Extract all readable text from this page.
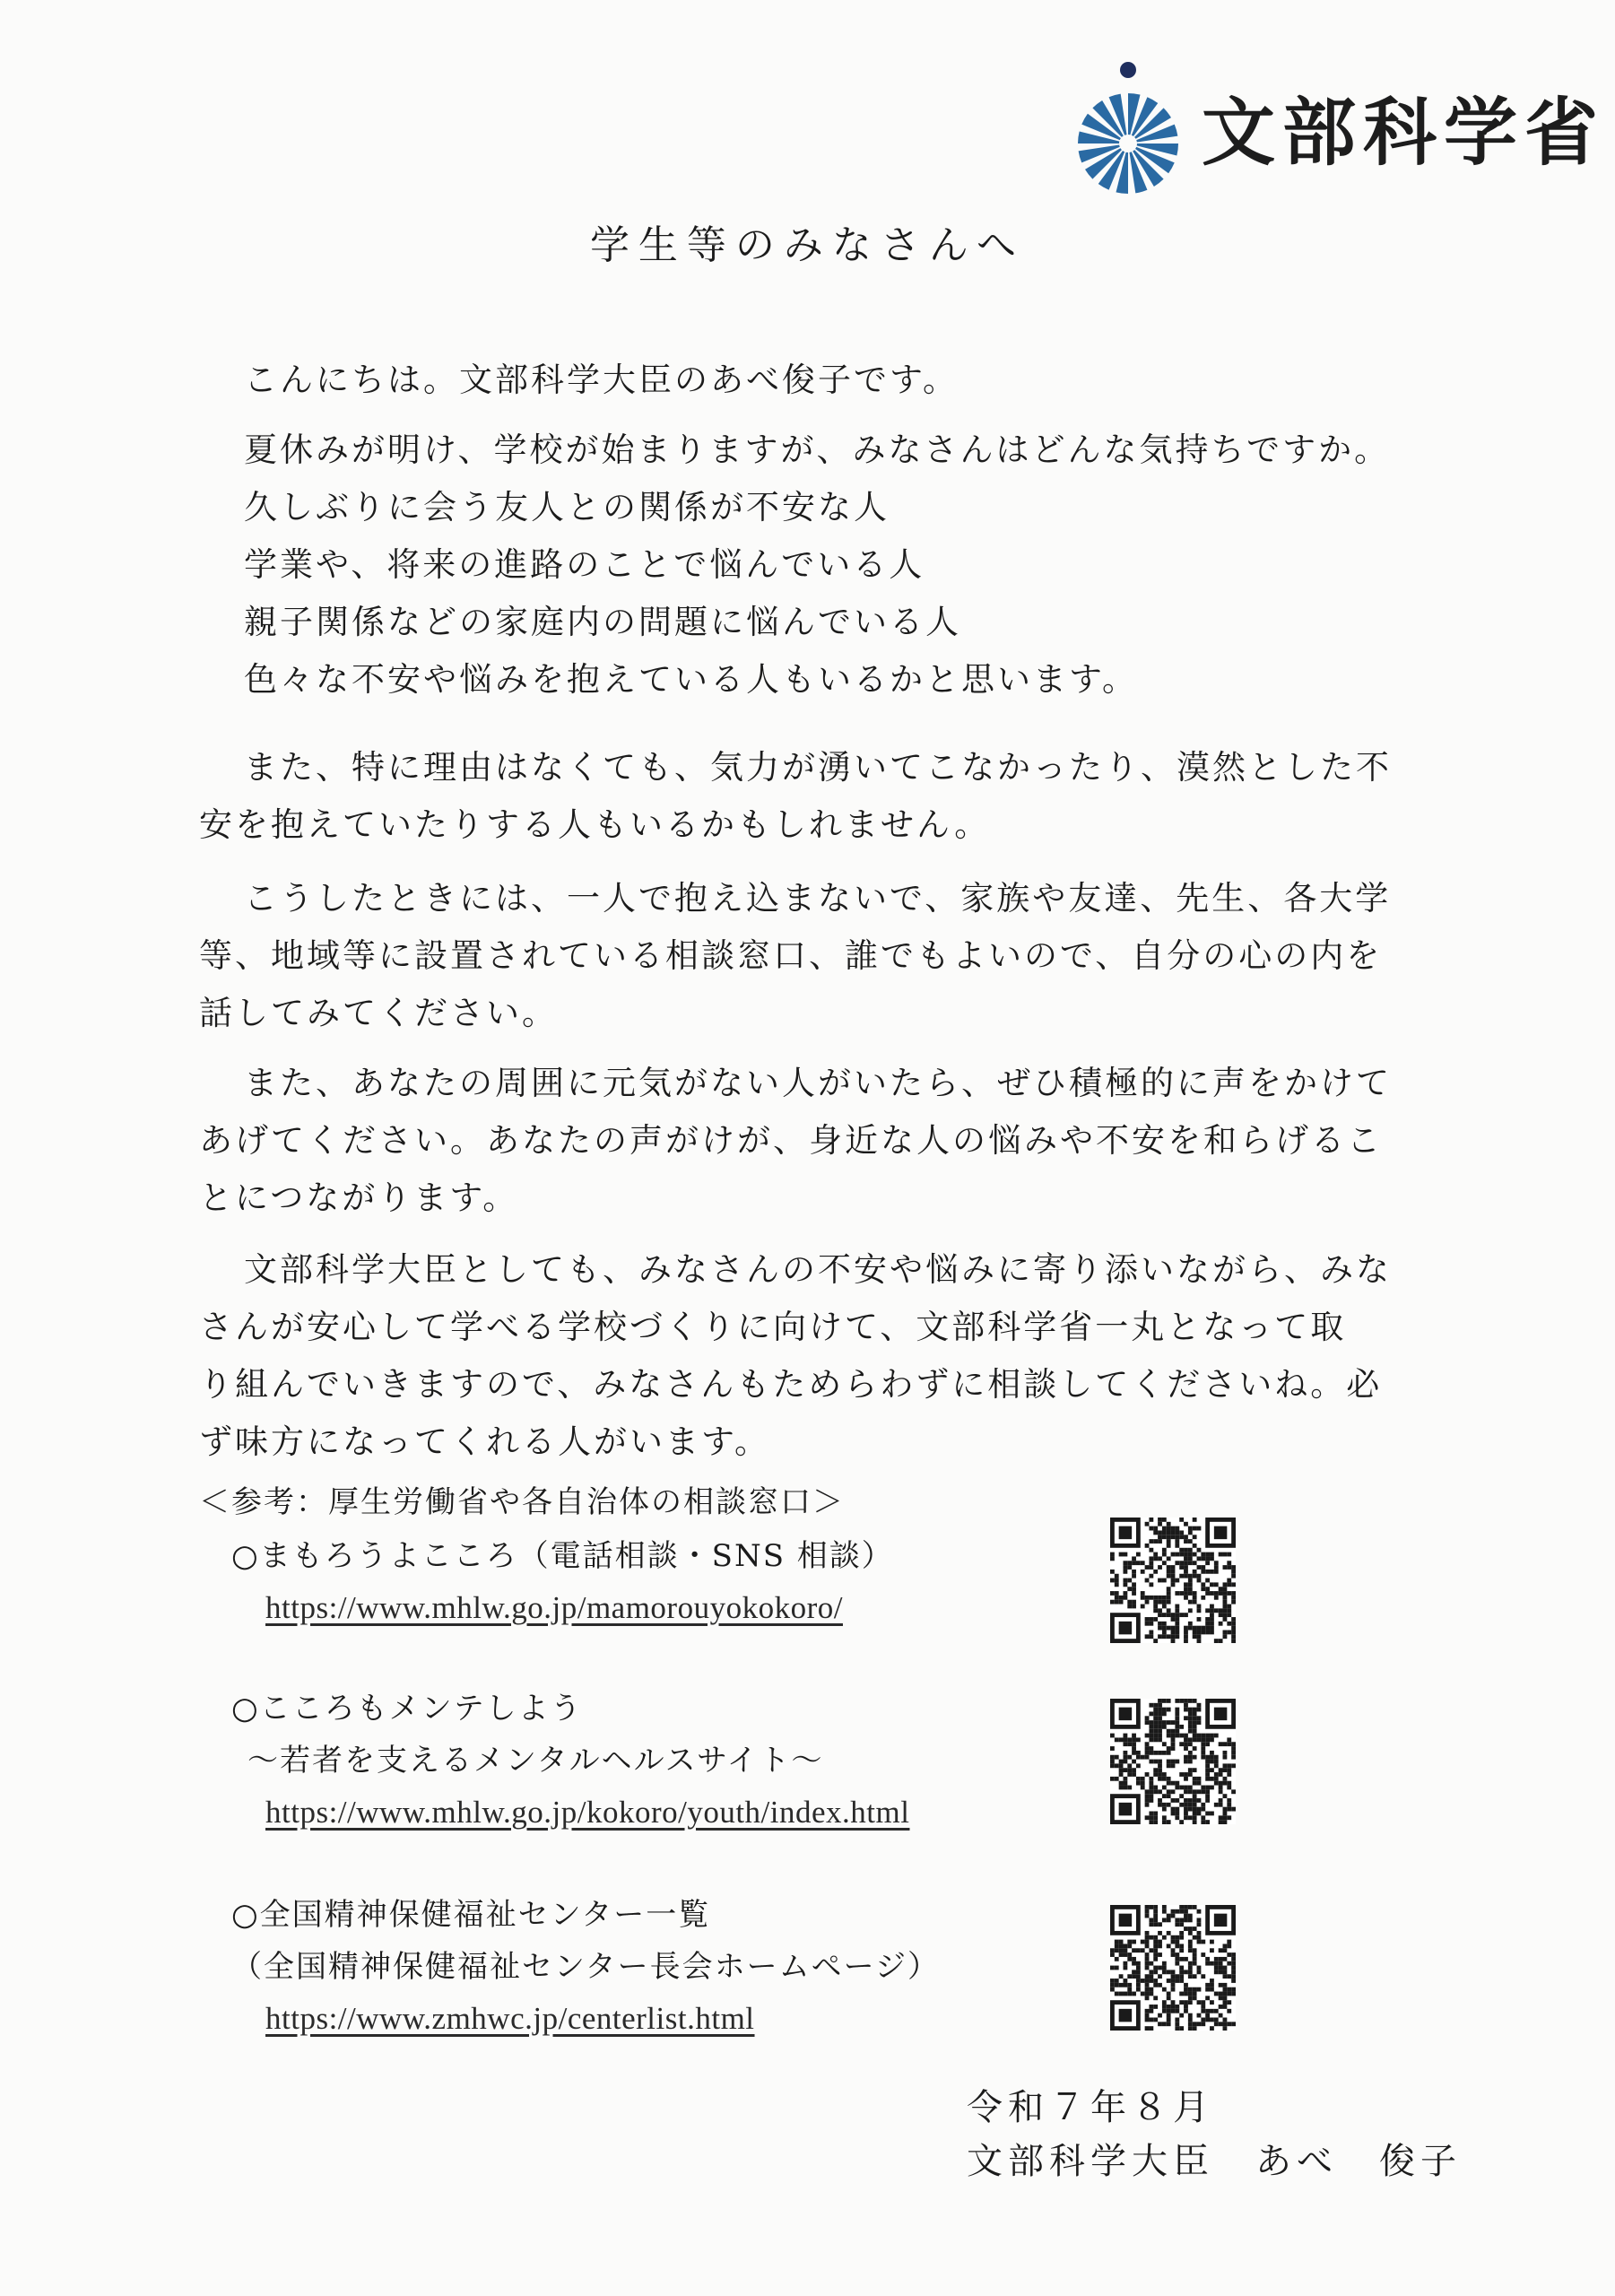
文部科学省
学生等のみなさんへ
こんにちは。文部科学大臣のあべ俊子です。
夏休みが明け、学校が始まりますが、みなさんはどんな気持ちですか。
久しぶりに会う友人との関係が不安な人
学業や、将来の進路のことで悩んでいる人
親子関係などの家庭内の問題に悩んでいる人
色々な不安や悩みを抱えている人もいるかと思います。
また、特に理由はなくても、気力が湧いてこなかったり、漠然とした不
安を抱えていたりする人もいるかもしれません。
こうしたときには、一人で抱え込まないで、家族や友達、先生、各大学
等、地域等に設置されている相談窓口、誰でもよいので、自分の心の内を
話してみてください。
また、あなたの周囲に元気がない人がいたら、ぜひ積極的に声をかけて
あげてください。あなたの声がけが、身近な人の悩みや不安を和らげるこ
とにつながります。
文部科学大臣としても、みなさんの不安や悩みに寄り添いながら、みな
さんが安心して学べる学校づくりに向けて、文部科学省一丸となって取
り組んでいきますので、みなさんもためらわずに相談してくださいね。必
ず味方になってくれる人がいます。
＜参考：厚生労働省や各自治体の相談窓口＞
○まもろうよこころ（電話相談・SNS 相談）
https://www.mhlw.go.jp/mamorouyokokoro/
○こころもメンテしよう
～若者を支えるメンタルヘルスサイト～
https://www.mhlw.go.jp/kokoro/youth/index.html
○全国精神保健福祉センター一覧
（全国精神保健福祉センター長会ホームページ）
https://www.zmhwc.jp/centerlist.html
令和７年８月
文部科学大臣　あべ　俊子
